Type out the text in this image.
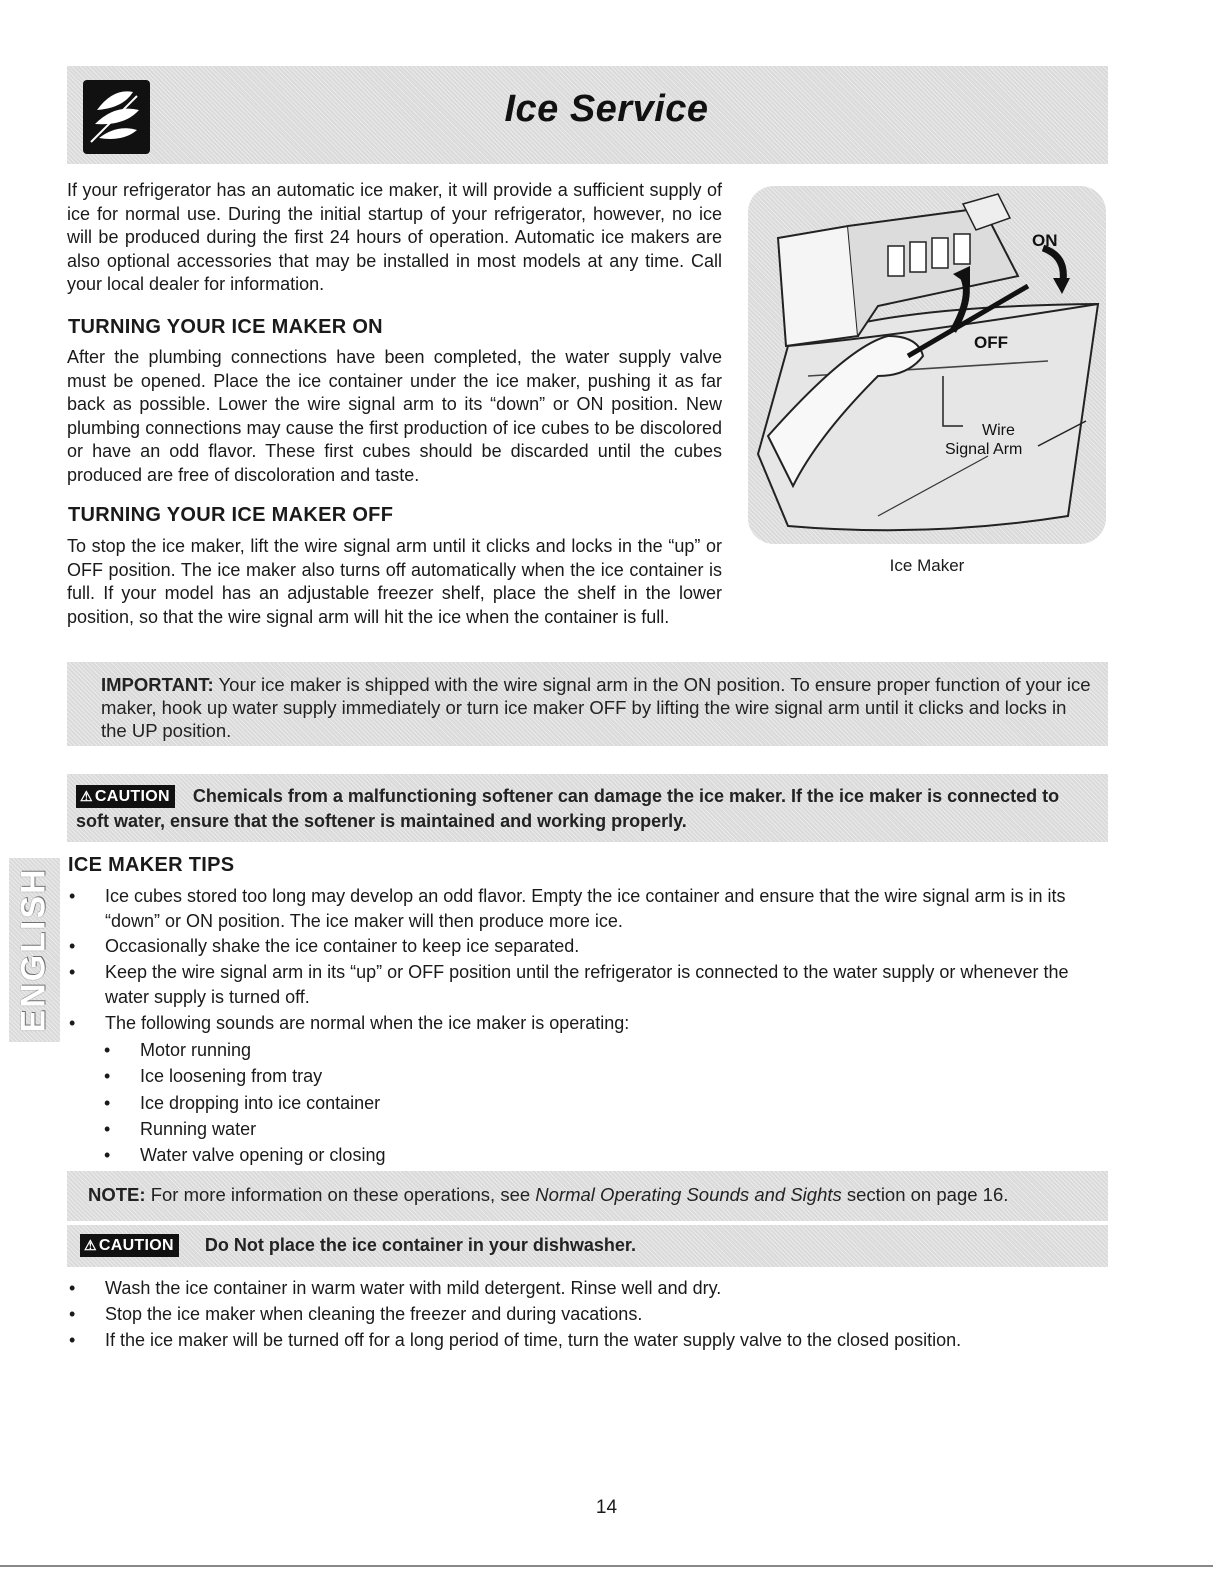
Ice Service

If your refrigerator has an automatic ice maker, it will provide a sufficient supply of ice for normal use. During the initial startup of your refrigerator, however, no ice will be produced during the first 24 hours of operation. Automatic ice makers are also optional accessories that may be installed in most models at any time. Call your local dealer for information.

TURNING YOUR ICE MAKER ON

After the plumbing connections have been completed, the water supply valve must be opened. Place the ice container under the ice maker, pushing it as far back as possible. Lower the wire signal arm to its “down” or ON position. New plumbing connections may cause the first production of ice cubes to be discolored or have an odd flavor. These first cubes should be discarded until the cubes produced are free of discoloration and taste.

TURNING YOUR ICE MAKER OFF

To stop the ice maker, lift the wire signal arm until it clicks and locks in the “up” or OFF position. The ice maker also turns off automatically when the ice container is full. If your model has an adjustable freezer shelf, place the shelf in the lower position, so that the wire signal arm will hit the ice when the container is full.

ON
OFF
Wire
Signal Arm
Ice Maker

IMPORTANT: Your ice maker is shipped with the wire signal arm in the ON position. To ensure proper function of your ice maker, hook up water supply immediately or turn ice maker OFF by lifting the wire signal arm until it clicks and locks in the UP position.

⚠ CAUTION Chemicals from a malfunctioning softener can damage the ice maker. If the ice maker is connected to soft water, ensure that the softener is maintained and working properly.

ENGLISH
ICE MAKER TIPS

• Ice cubes stored too long may develop an odd flavor. Empty the ice container and ensure that the wire signal arm is in its “down” or ON position. The ice maker will then produce more ice.

• Occasionally shake the ice container to keep ice separated.

• Keep the wire signal arm in its “up” or OFF position until the refrigerator is connected to the water supply or whenever the water supply is turned off.

• The following sounds are normal when the ice maker is operating:

• Motor running

• Ice loosening from tray

• Ice dropping into ice container

• Running water

• Water valve opening or closing

NOTE: For more information on these operations, see Normal Operating Sounds and Sights section on page 16.

⚠ CAUTION Do Not place the ice container in your dishwasher.

• Wash the ice container in warm water with mild detergent. Rinse well and dry.

• Stop the ice maker when cleaning the freezer and during vacations.

• If the ice maker will be turned off for a long period of time, turn the water supply valve to the closed position.

14
